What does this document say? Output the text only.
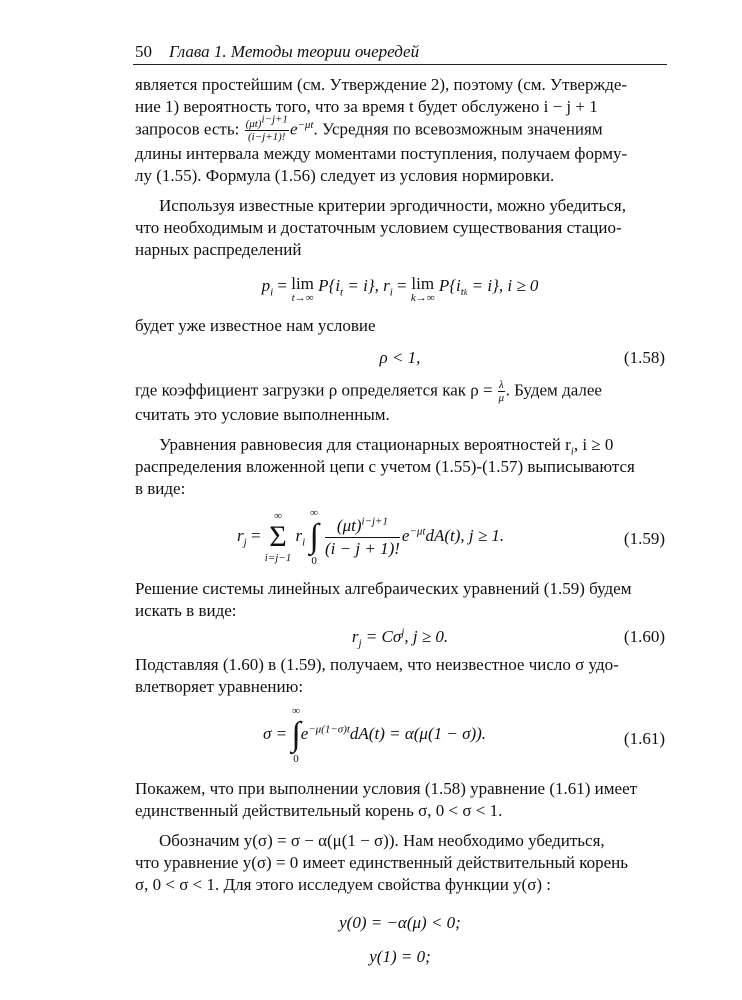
50 Глава 1. Методы теории очередей
является простейшим (см. Утверждение 2), поэтому (см. Утвержде-
ние 1) вероятность того, что за время t будет обслужено i − j + 1
запросов есть: $\frac{(\mu t)^{i-j+1}}{(i-j+1)!} e^{-\mu t}$. Усредняя по всевозможным значениям
длины интервала между моментами поступления, получаем форму-
лу (1.55). Формула (1.56) следует из условия нормировки.
Используя известные критерии эргодичности, можно убедиться,
что необходимым и достаточным условием существования стацио-
нарных распределений
$p_i = \lim$
t→∞
$P\{i_t = i\}$, $r_i = \lim$
k→∞
$P\{i_{tk} = i\}$, i ≥ 0
будет уже известное нам условие
ρ < 1,	(1.58)
где коэффициент загрузки ρ определяется как $\rho = \frac{\lambda}{\mu}$ . Будем далее
считать это условие выполненным.
Уравнения равновесия для стационарных вероятностей $r_i$, i ≥ 0
распределения вложенной цепи с учетом (1.55)-(1.57) выписываются
в виде:
$r_j$ =
∞
Σ
i=j−1
$r_i$
∞
∫
0

$\frac{(\mu t)^{i-j+1}}{(i - j + 1)!} e^{-\mu t}dA(t)$, j ≥ 1.	(1.59)
Решение системы линейных алгебраических уравнений (1.59) будем
искать в виде:
$r_j = C\sigma^j$, j ≥ 0.	(1.60)
Подставляя (1.60) в (1.59), получаем, что неизвестное число σ удо-
влетворяет уравнению:
σ =
∞
∫
0
$e^{-\mu(1-\sigma)t}dA(t) = \alpha(\mu(1 - \sigma))$.	(1.61)
Покажем, что при выполнении условия (1.58) уравнение (1.61) имеет
единственный действительный корень σ, 0 < σ < 1.
Обозначим y(σ) = σ − α(μ(1 − σ)). Нам необходимо убедиться,
что уравнение y(σ) = 0 имеет единственный действительный корень
σ, 0 < σ < 1. Для этого исследуем свойства функции y(σ) :
y(0) = −α(μ) < 0;
y(1) = 0;
